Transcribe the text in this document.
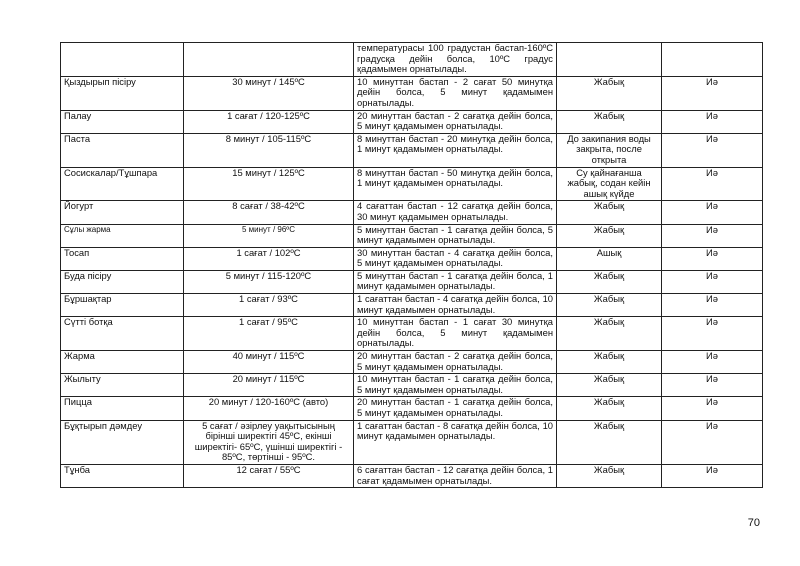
		температурасы 100 градустан бастап-160ºC градусқа дейін болса, 10ºC градус қадамымен орнатылады.		
Қыздырып пісіру	30 минут / 145ºC	10 минуттан бастап - 2 сағат 50 минутқа дейін болса, 5 минут қадамымен орнатылады.	Жабық	Иә
Палау	1 сағат / 120-125ºC	20 минуттан бастап - 2 сағатқа дейін болса, 5 минут қадамымен орнатылады.	Жабық	Иә
Паста	8 минут / 105-115ºC	8 минуттан бастап - 20 минутқа дейін болса, 1 минут қадамымен орнатылады.	До закипания воды закрыта, после открыта	Иә
Сосискалар/Тұшпара	15 минут / 125ºC	8 минуттан бастап - 50 минутқа дейін болса, 1 минут қадамымен орнатылады.	Су қайнағанша жабық, содан кейін ашық күйде	Иә
Йогурт	8 сағат / 38-42ºC	4 сағаттан бастап - 12 сағатқа дейін болса, 30 минут қадамымен орнатылады.	Жабық	Иә
Сұлы жарма	5 минут / 96ºC	5 минуттан бастап - 1 сағатқа дейін болса, 5 минут қадамымен орнатылады.	Жабық	Иә
Тосап	1 сағат / 102ºC	30 минуттан бастап - 4 сағатқа дейін болса, 5 минут қадамымен орнатылады.	Ашық	Иә
Буда пісіру	5 минут / 115-120ºC	5 минуттан бастап - 1 сағатқа дейін болса, 1 минут қадамымен орнатылады.	Жабық	Иә
Бұршақтар	1 сағат / 93ºC	1 сағаттан бастап - 4 сағатқа дейін болса, 10 минут қадамымен орнатылады.	Жабық	Иә
Сүтті ботқа	1 сағат / 95ºC	10 минуттан бастап - 1 сағат 30 минутқа дейін болса, 5 минут қадамымен орнатылады.	Жабық	Иә
Жарма	40 минут / 115ºC	20 минуттан бастап - 2 сағатқа дейін болса, 5 минут қадамымен орнатылады.	Жабық	Иә
Жылыту	20 минут / 115ºC	10 минуттан бастап - 1 сағатқа дейін болса, 5 минут қадамымен орнатылады.	Жабық	Иә
Пицца	20 минут / 120-160ºC (авто)	20 минуттан бастап - 1 сағатқа дейін болса, 5 минут қадамымен орнатылады.	Жабық	Иә
Бұқтырып дәмдеу	5 сағат / әзірлеу уақытысының бірінші ширектігі 45ºC, екінші ширектігі- 65ºC, үшінші ширектігі - 85ºC, төртінші - 95ºC.	1 сағаттан бастап - 8 сағатқа дейін болса, 10 минут қадамымен орнатылады.	Жабық	Иә
Тұнба	12 сағат / 55ºC	6 сағаттан бастап - 12 сағатқа дейін болса, 1 сағат қадамымен орнатылады.	Жабық	Иә
70
